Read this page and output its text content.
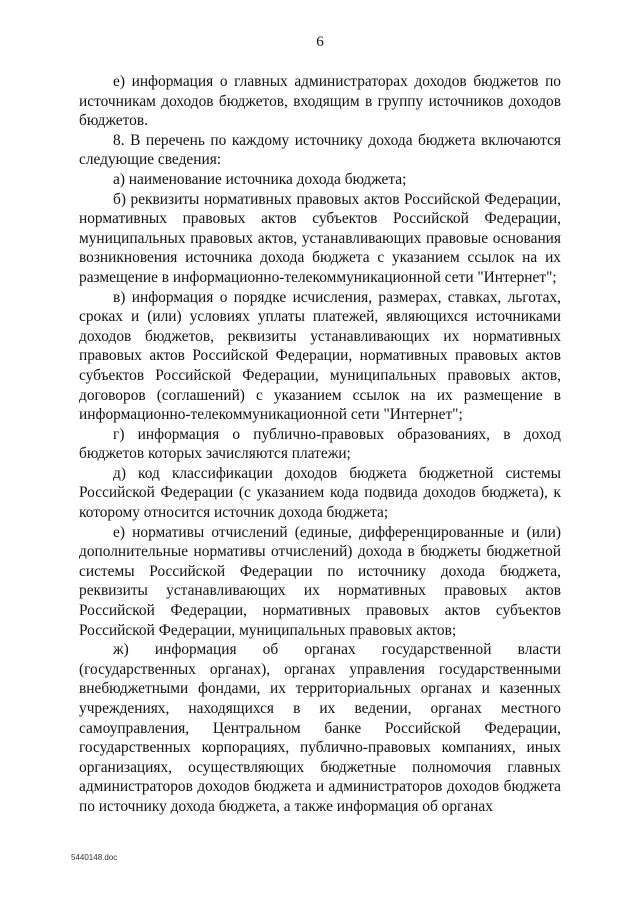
6

е) информация о главных администраторах доходов бюджетов по источникам доходов бюджетов, входящим в группу источников доходов бюджетов.

8. В перечень по каждому источнику дохода бюджета включаются следующие сведения:

а) наименование источника дохода бюджета;

б) реквизиты нормативных правовых актов Российской Федерации, нормативных правовых актов субъектов Российской Федерации, муниципальных правовых актов, устанавливающих правовые основания возникновения источника дохода бюджета с указанием ссылок на их размещение в информационно-телекоммуникационной сети "Интернет";

в) информация о порядке исчисления, размерах, ставках, льготах, сроках и (или) условиях уплаты платежей, являющихся источниками доходов бюджетов, реквизиты устанавливающих их нормативных правовых актов Российской Федерации, нормативных правовых актов субъектов Российской Федерации, муниципальных правовых актов, договоров (соглашений) с указанием ссылок на их размещение в информационно-телекоммуникационной сети "Интернет";

г) информация о публично-правовых образованиях, в доход бюджетов которых зачисляются платежи;

д) код классификации доходов бюджета бюджетной системы Российской Федерации (с указанием кода подвида доходов бюджета), к которому относится источник дохода бюджета;

е) нормативы отчислений (единые, дифференцированные и (или) дополнительные нормативы отчислений) дохода в бюджеты бюджетной системы Российской Федерации по источнику дохода бюджета, реквизиты устанавливающих их нормативных правовых актов Российской Федерации, нормативных правовых актов субъектов Российской Федерации, муниципальных правовых актов;

ж) информация об органах государственной власти (государственных органах), органах управления государственными внебюджетными фондами, их территориальных органах и казенных учреждениях, находящихся в их ведении, органах местного самоуправления, Центральном банке Российской Федерации, государственных корпорациях, публично-правовых компаниях, иных организациях, осуществляющих бюджетные полномочия главных администраторов доходов бюджета и администраторов доходов бюджета по источнику дохода бюджета, а также информация об органах

5440148.doc
